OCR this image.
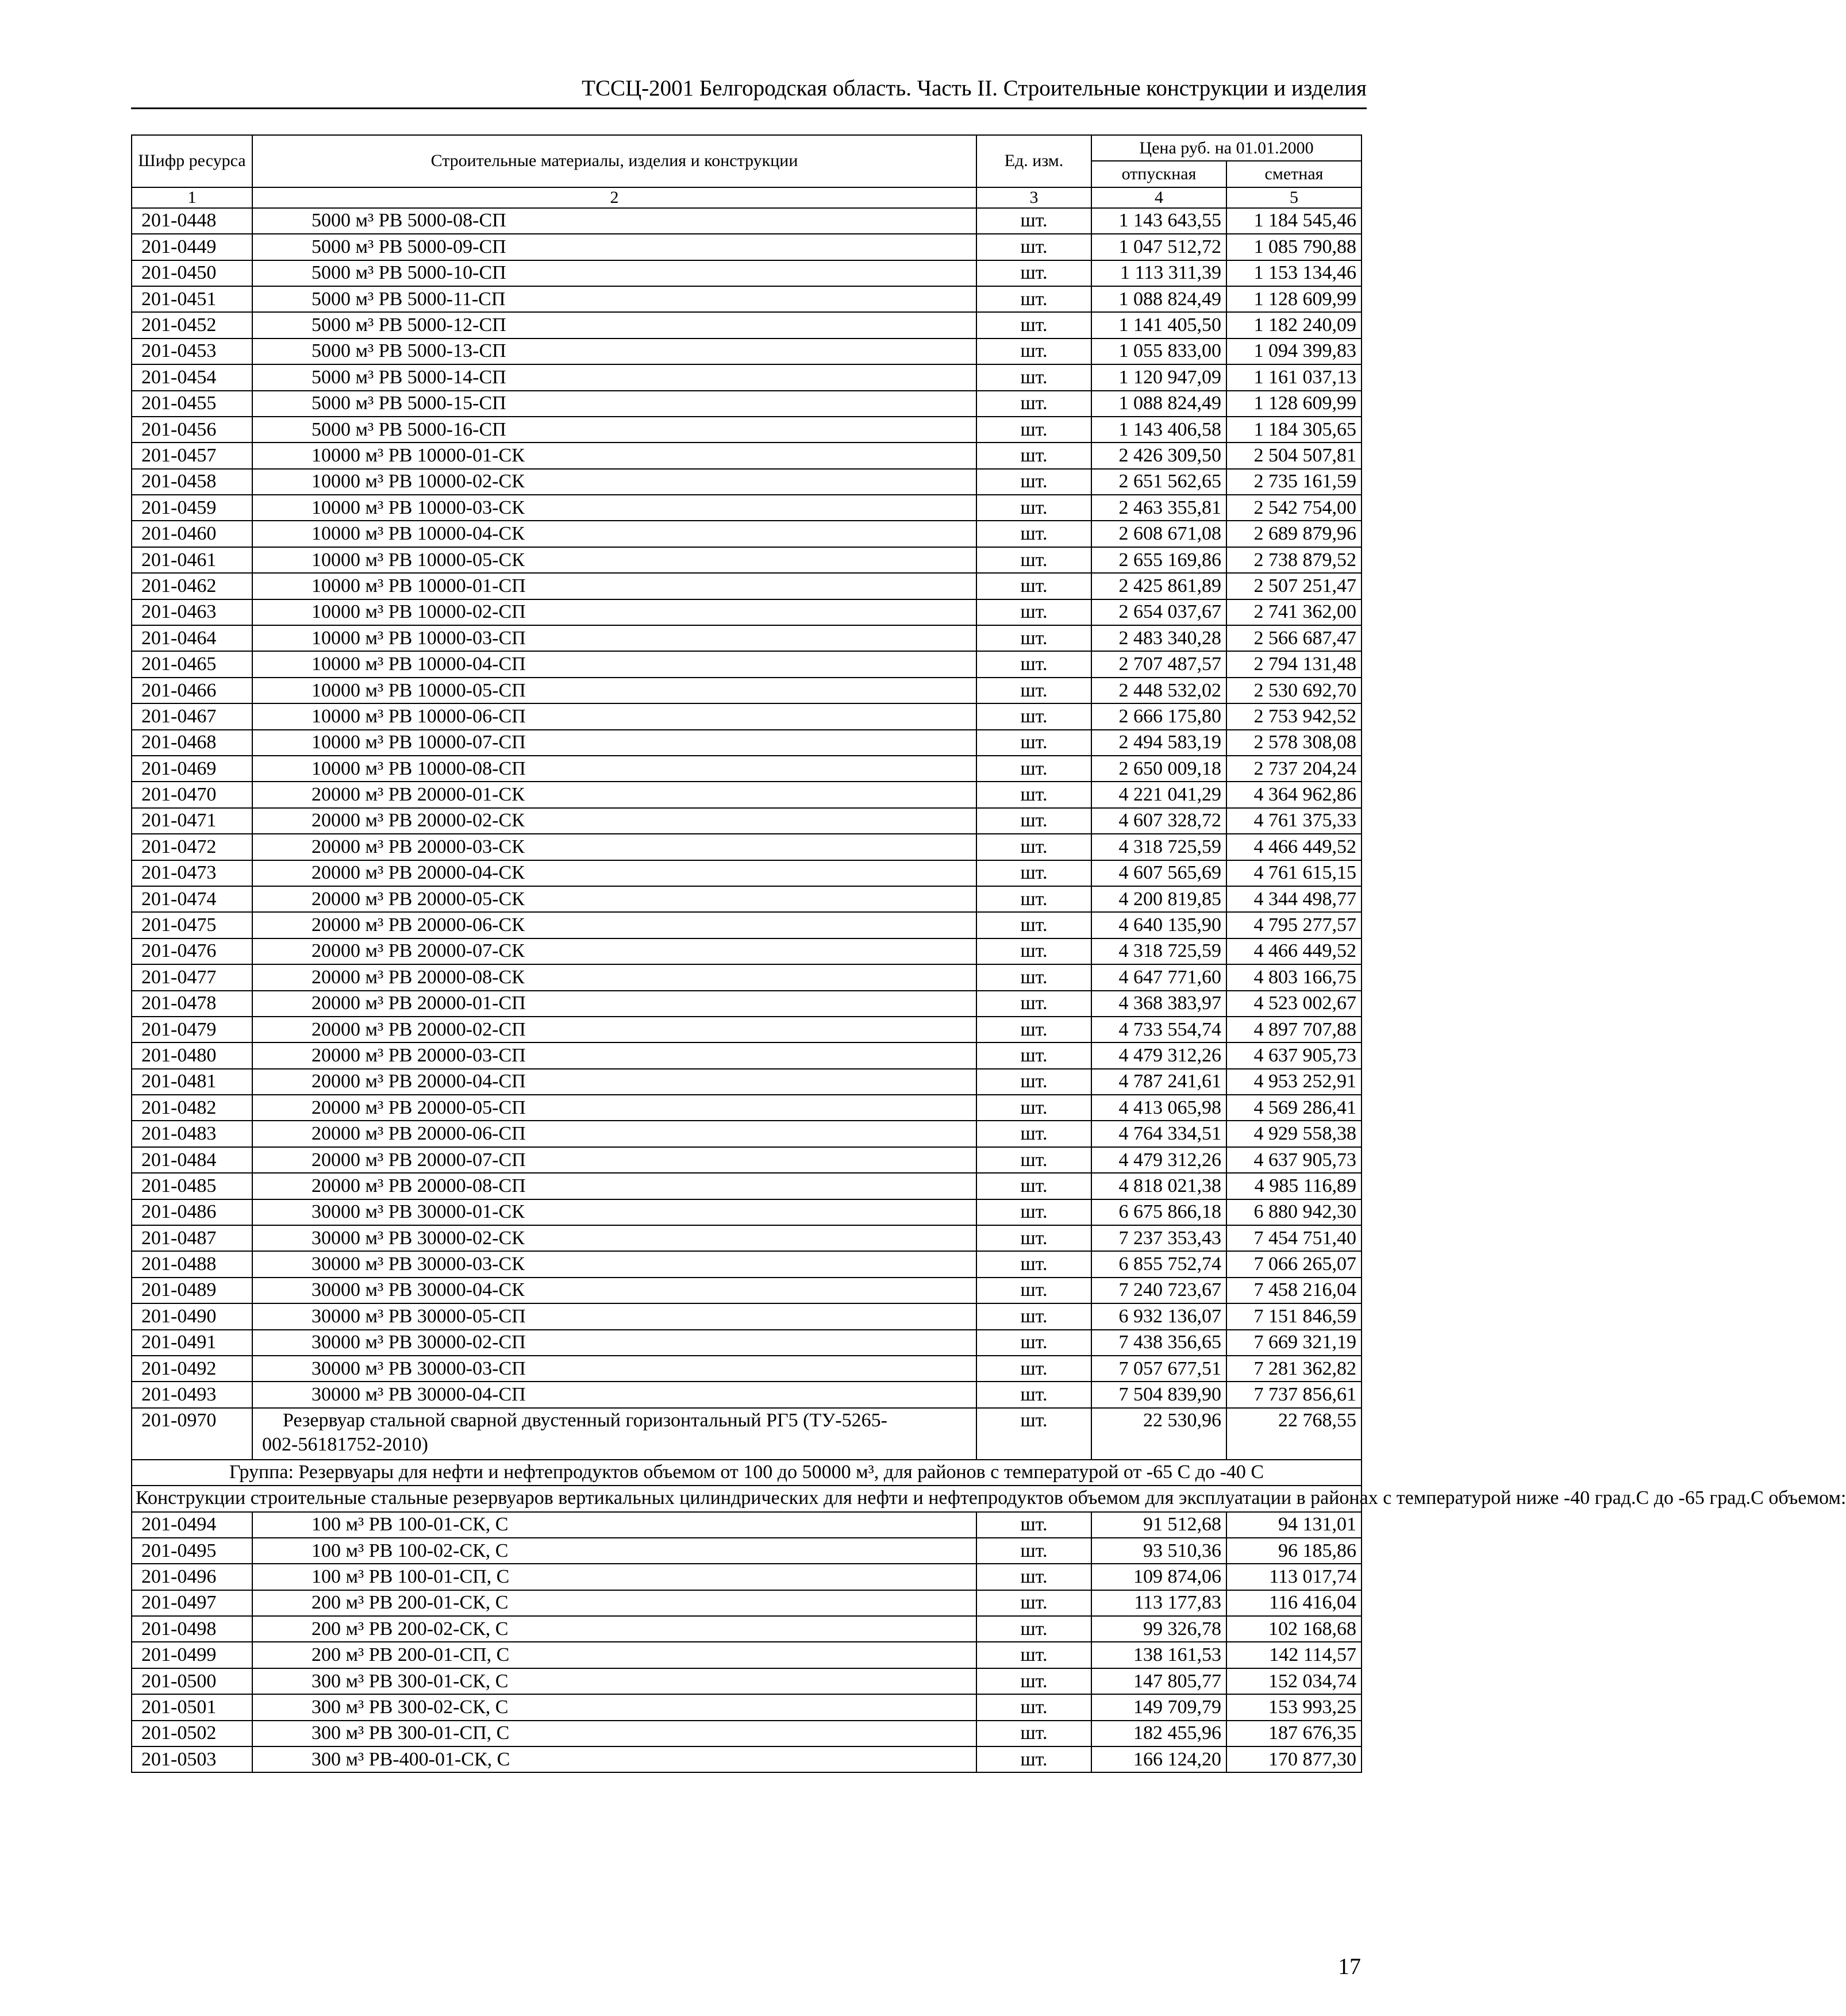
ТССЦ-2001 Белгородская область. Часть II. Строительные конструкции и изделия
Шифр ресурса	Строительные материалы, изделия и конструкции	Ед. изм.	Цена руб. на 01.01.2000	
			отпускная	сметная
1	2	3	4	5
201-0448	5000 м³ РВ 5000-08-СП	шт.	1 143 643,55	1 184 545,46
201-0449	5000 м³ РВ 5000-09-СП	шт.	1 047 512,72	1 085 790,88
201-0450	5000 м³ РВ 5000-10-СП	шт.	1 113 311,39	1 153 134,46
201-0451	5000 м³ РВ 5000-11-СП	шт.	1 088 824,49	1 128 609,99
201-0452	5000 м³ РВ 5000-12-СП	шт.	1 141 405,50	1 182 240,09
201-0453	5000 м³ РВ 5000-13-СП	шт.	1 055 833,00	1 094 399,83
201-0454	5000 м³ РВ 5000-14-СП	шт.	1 120 947,09	1 161 037,13
201-0455	5000 м³ РВ 5000-15-СП	шт.	1 088 824,49	1 128 609,99
201-0456	5000 м³ РВ 5000-16-СП	шт.	1 143 406,58	1 184 305,65
201-0457	10000 м³ РВ 10000-01-СК	шт.	2 426 309,50	2 504 507,81
201-0458	10000 м³ РВ 10000-02-СК	шт.	2 651 562,65	2 735 161,59
201-0459	10000 м³ РВ 10000-03-СК	шт.	2 463 355,81	2 542 754,00
201-0460	10000 м³ РВ 10000-04-СК	шт.	2 608 671,08	2 689 879,96
201-0461	10000 м³ РВ 10000-05-СК	шт.	2 655 169,86	2 738 879,52
201-0462	10000 м³ РВ 10000-01-СП	шт.	2 425 861,89	2 507 251,47
201-0463	10000 м³ РВ 10000-02-СП	шт.	2 654 037,67	2 741 362,00
201-0464	10000 м³ РВ 10000-03-СП	шт.	2 483 340,28	2 566 687,47
201-0465	10000 м³ РВ 10000-04-СП	шт.	2 707 487,57	2 794 131,48
201-0466	10000 м³ РВ 10000-05-СП	шт.	2 448 532,02	2 530 692,70
201-0467	10000 м³ РВ 10000-06-СП	шт.	2 666 175,80	2 753 942,52
201-0468	10000 м³ РВ 10000-07-СП	шт.	2 494 583,19	2 578 308,08
201-0469	10000 м³ РВ 10000-08-СП	шт.	2 650 009,18	2 737 204,24
201-0470	20000 м³ РВ 20000-01-СК	шт.	4 221 041,29	4 364 962,86
201-0471	20000 м³ РВ 20000-02-СК	шт.	4 607 328,72	4 761 375,33
201-0472	20000 м³ РВ 20000-03-СК	шт.	4 318 725,59	4 466 449,52
201-0473	20000 м³ РВ 20000-04-СК	шт.	4 607 565,69	4 761 615,15
201-0474	20000 м³ РВ 20000-05-СК	шт.	4 200 819,85	4 344 498,77
201-0475	20000 м³ РВ 20000-06-СК	шт.	4 640 135,90	4 795 277,57
201-0476	20000 м³ РВ 20000-07-СК	шт.	4 318 725,59	4 466 449,52
201-0477	20000 м³ РВ 20000-08-СК	шт.	4 647 771,60	4 803 166,75
201-0478	20000 м³ РВ 20000-01-СП	шт.	4 368 383,97	4 523 002,67
201-0479	20000 м³ РВ 20000-02-СП	шт.	4 733 554,74	4 897 707,88
201-0480	20000 м³ РВ 20000-03-СП	шт.	4 479 312,26	4 637 905,73
201-0481	20000 м³ РВ 20000-04-СП	шт.	4 787 241,61	4 953 252,91
201-0482	20000 м³ РВ 20000-05-СП	шт.	4 413 065,98	4 569 286,41
201-0483	20000 м³ РВ 20000-06-СП	шт.	4 764 334,51	4 929 558,38
201-0484	20000 м³ РВ 20000-07-СП	шт.	4 479 312,26	4 637 905,73
201-0485	20000 м³ РВ 20000-08-СП	шт.	4 818 021,38	4 985 116,89
201-0486	30000 м³ РВ 30000-01-СК	шт.	6 675 866,18	6 880 942,30
201-0487	30000 м³ РВ 30000-02-СК	шт.	7 237 353,43	7 454 751,40
201-0488	30000 м³ РВ 30000-03-СК	шт.	6 855 752,74	7 066 265,07
201-0489	30000 м³ РВ 30000-04-СК	шт.	7 240 723,67	7 458 216,04
201-0490	30000 м³ РВ 30000-05-СП	шт.	6 932 136,07	7 151 846,59
201-0491	30000 м³ РВ 30000-02-СП	шт.	7 438 356,65	7 669 321,19
201-0492	30000 м³ РВ 30000-03-СП	шт.	7 057 677,51	7 281 362,82
201-0493	30000 м³ РВ 30000-04-СП	шт.	7 504 839,90	7 737 856,61
201-0970	Резервуар стальной сварной двустенный горизонтальный РГ5 (ТУ-5265-
002-56181752-2010)	шт.	22 530,96	22 768,55
Группа: Резервуары для нефти и нефтепродуктов объемом от 100 до 50000 м³, для районов с температурой от -65 С до -40 С				
Конструкции строительные стальные резервуаров вертикальных цилиндрических для нефти и нефтепродуктов объемом для эксплуатации в районах с температурой ниже -40 град.С до -65 град.С объемом:				
201-0494	100 м³ РВ 100-01-СК, С	шт.	91 512,68	94 131,01
201-0495	100 м³ РВ 100-02-СК, С	шт.	93 510,36	96 185,86
201-0496	100 м³ РВ 100-01-СП, С	шт.	109 874,06	113 017,74
201-0497	200 м³ РВ 200-01-СК, С	шт.	113 177,83	116 416,04
201-0498	200 м³ РВ 200-02-СК, С	шт.	99 326,78	102 168,68
201-0499	200 м³ РВ 200-01-СП, С	шт.	138 161,53	142 114,57
201-0500	300 м³ РВ 300-01-СК, С	шт.	147 805,77	152 034,74
201-0501	300 м³ РВ 300-02-СК, С	шт.	149 709,79	153 993,25
201-0502	300 м³ РВ 300-01-СП, С	шт.	182 455,96	187 676,35
201-0503	300 м³ РВ-400-01-СК, С	шт.	166 124,20	170 877,30
17
